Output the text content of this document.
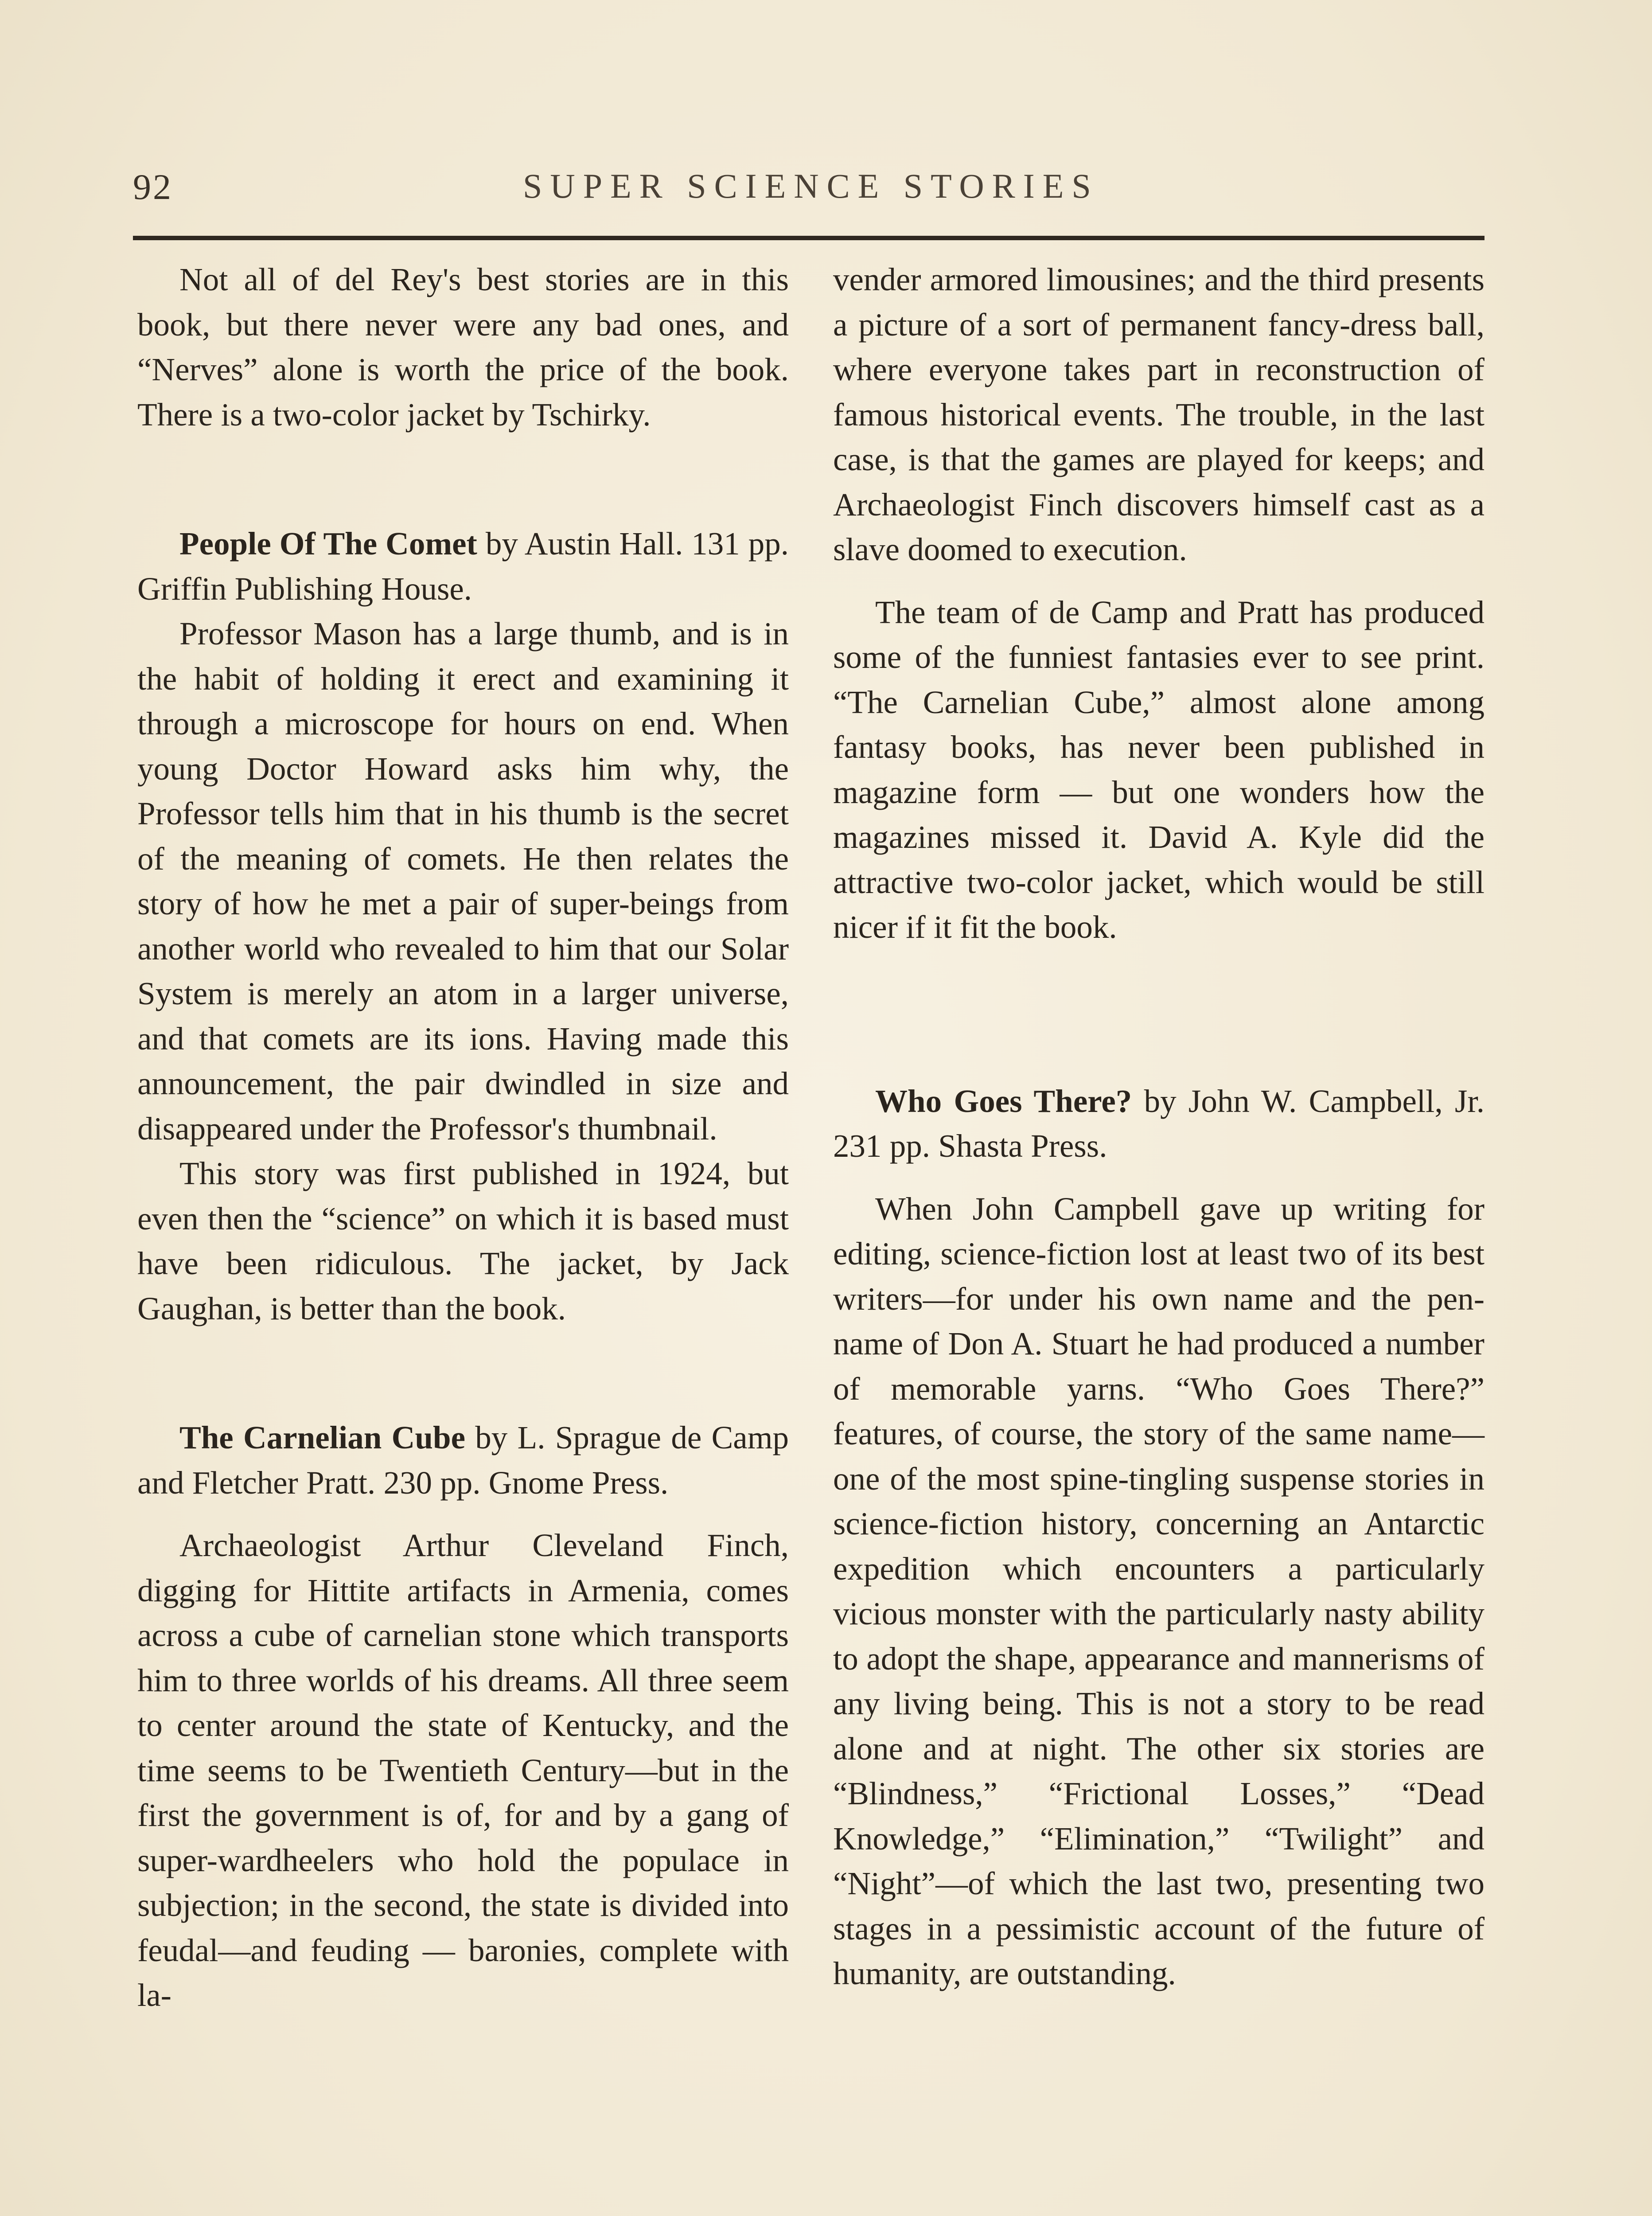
92	SUPER SCIENCE STORIES

Not all of del Rey's best stories are in this book, but there never were any bad ones, and “Nerves” alone is worth the price of the book. There is a two-color jacket by Tschirky.

People Of The Comet by Austin Hall. 131 pp. Griffin Publishing House.

Professor Mason has a large thumb, and is in the habit of holding it erect and examining it through a microscope for hours on end. When young Doctor Howard asks him why, the Professor tells him that in his thumb is the secret of the meaning of comets. He then relates the story of how he met a pair of super-beings from another world who revealed to him that our Solar System is merely an atom in a larger universe, and that comets are its ions. Having made this announcement, the pair dwindled in size and disappeared under the Professor's thumbnail.

This story was first published in 1924, but even then the “science” on which it is based must have been ridiculous. The jacket, by Jack Gaughan, is better than the book.

The Carnelian Cube by L. Sprague de Camp and Fletcher Pratt. 230 pp. Gnome Press.

Archaeologist Arthur Cleveland Finch, digging for Hittite artifacts in Armenia, comes across a cube of carnelian stone which transports him to three worlds of his dreams. All three seem to center around the state of Kentucky, and the time seems to be Twentieth Century—but in the first the government is of, for and by a gang of super-wardheelers who hold the populace in subjection; in the second, the state is divided into feudal—and feuding — baronies, complete with la-

vender armored limousines; and the third presents a picture of a sort of permanent fancy-dress ball, where everyone takes part in reconstruction of famous historical events. The trouble, in the last case, is that the games are played for keeps; and Archaeologist Finch discovers himself cast as a slave doomed to execution.

The team of de Camp and Pratt has produced some of the funniest fantasies ever to see print. “The Carnelian Cube,” almost alone among fantasy books, has never been published in magazine form — but one wonders how the magazines missed it. David A. Kyle did the attractive two-color jacket, which would be still nicer if it fit the book.

Who Goes There? by John W. Campbell, Jr. 231 pp. Shasta Press.

When John Campbell gave up writing for editing, science-fiction lost at least two of its best writers—for under his own name and the pen-name of Don A. Stuart he had produced a number of memorable yarns. “Who Goes There?” features, of course, the story of the same name—one of the most spine-tingling suspense stories in science-fiction history, concerning an Antarctic expedition which encounters a particularly vicious monster with the particularly nasty ability to adopt the shape, appearance and mannerisms of any living being. This is not a story to be read alone and at night. The other six stories are “Blindness,” “Frictional Losses,” “Dead Knowledge,” “Elimination,” “Twilight” and “Night”—of which the last two, presenting two stages in a pessimistic account of the future of humanity, are outstanding.
